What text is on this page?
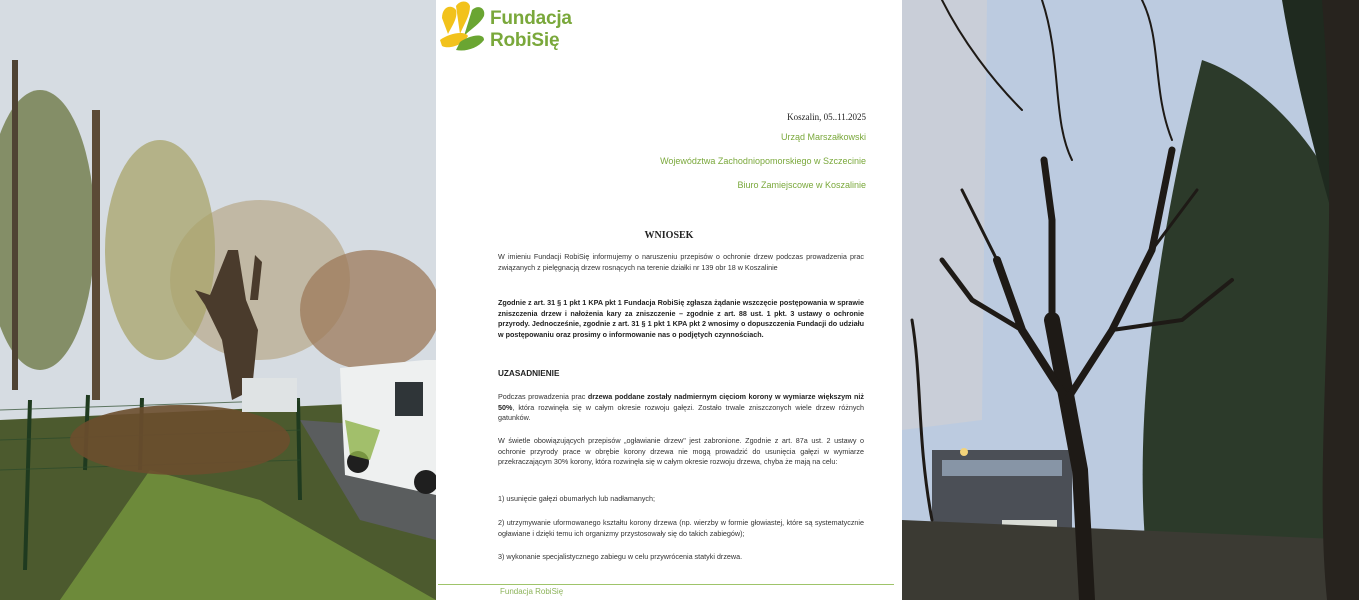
Fundacja
RobiSię
Koszalin, 05..11.2025
Urząd Marszałkowski
Województwa Zachodniopomorskiego w Szczecinie
Biuro Zamiejscowe w Koszalinie
WNIOSEK
W imieniu Fundacji RobiSię informujemy o naruszeniu przepisów o ochronie drzew podczas prowadzenia prac związanych z pielęgnacją drzew rosnących na terenie działki nr 139 obr 18 w Koszalinie
Zgodnie z art. 31 § 1 pkt 1 KPA pkt 1 Fundacja RobiSię zgłasza żądanie wszczęcie postępowania w sprawie zniszczenia drzew i nałożenia kary za zniszczenie – zgodnie z art. 88 ust. 1 pkt. 3 ustawy o ochronie przyrody. Jednocześnie, zgodnie z art. 31 § 1 pkt 1 KPA pkt 2 wnosimy o dopuszczenia Fundacji do udziału w postępowaniu oraz prosimy o informowanie nas o podjętych czynnościach.
UZASADNIENIE
Podczas prowadzenia prac drzewa poddane zostały nadmiernym cięciom korony w wymiarze większym niż 50%, która rozwinęła się w całym okresie rozwoju gałęzi. Zostało trwale zniszczonych wiele drzew różnych gatunków.
W świetle obowiązujących przepisów „ogławianie drzew" jest zabronione. Zgodnie z art. 87a ust. 2 ustawy o ochronie przyrody prace w obrębie korony drzewa nie mogą prowadzić do usunięcia gałęzi w wymiarze przekraczającym 30% korony, która rozwinęła się w całym okresie rozwoju drzewa, chyba że mają na celu:
1) usunięcie gałęzi obumarłych lub nadłamanych;
2) utrzymywanie uformowanego kształtu korony drzewa (np. wierzby w formie głowiastej, które są systematycznie ogławiane i dzięki temu ich organizmy przystosowały się do takich zabiegów);
3) wykonanie specjalistycznego zabiegu w celu przywrócenia statyki drzewa.
Fundacja RobiSię
